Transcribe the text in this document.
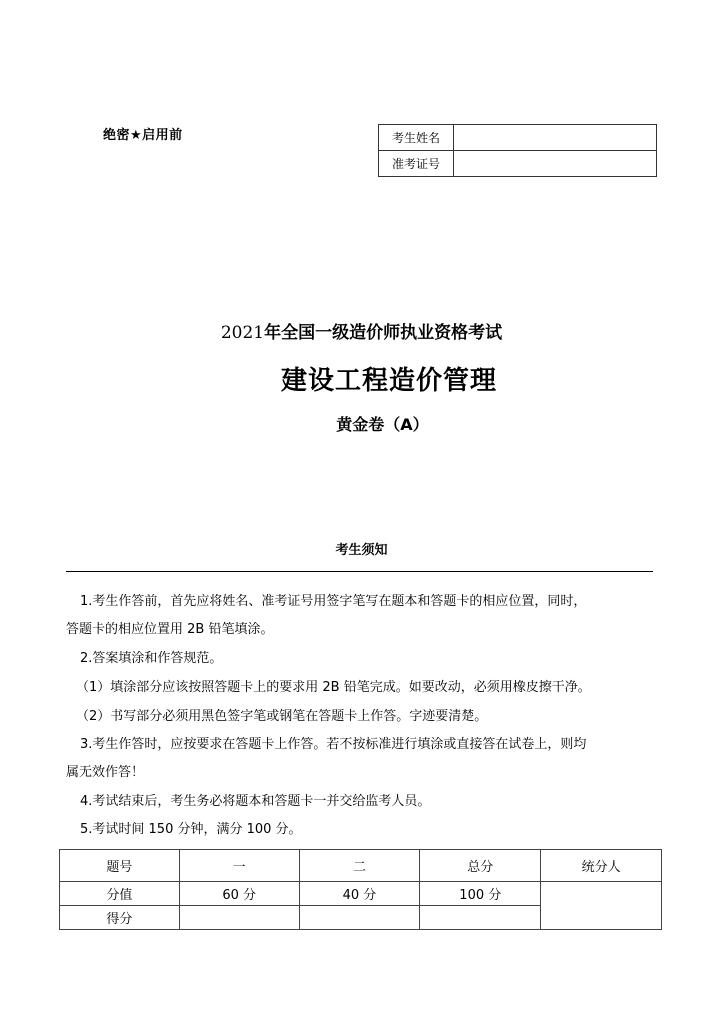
绝密★启用前	考生姓名	
准考证号	
2021年全国一级造价师执业资格考试
建设工程造价管理
黄金卷（A）
考生须知
1.考生作答前，首先应将姓名、准考证号用签字笔写在题本和答题卡的相应位置，同时，
答题卡的相应位置用 2B 铅笔填涂。
2.答案填涂和作答规范。
（1）填涂部分应该按照答题卡上的要求用 2B 铅笔完成。如要改动，必须用橡皮擦干净。
（2）书写部分必须用黑色签字笔或钢笔在答题卡上作答。字迹要清楚。
3.考生作答时，应按要求在答题卡上作答。若不按标准进行填涂或直接答在试卷上，则均
属无效作答！
4.考试结束后，考生务必将题本和答题卡一并交给监考人员。
5.考试时间 150 分钟，满分 100 分。
题号	一	二	总分	统分人
分值	60 分	40 分	100 分	
得分				
